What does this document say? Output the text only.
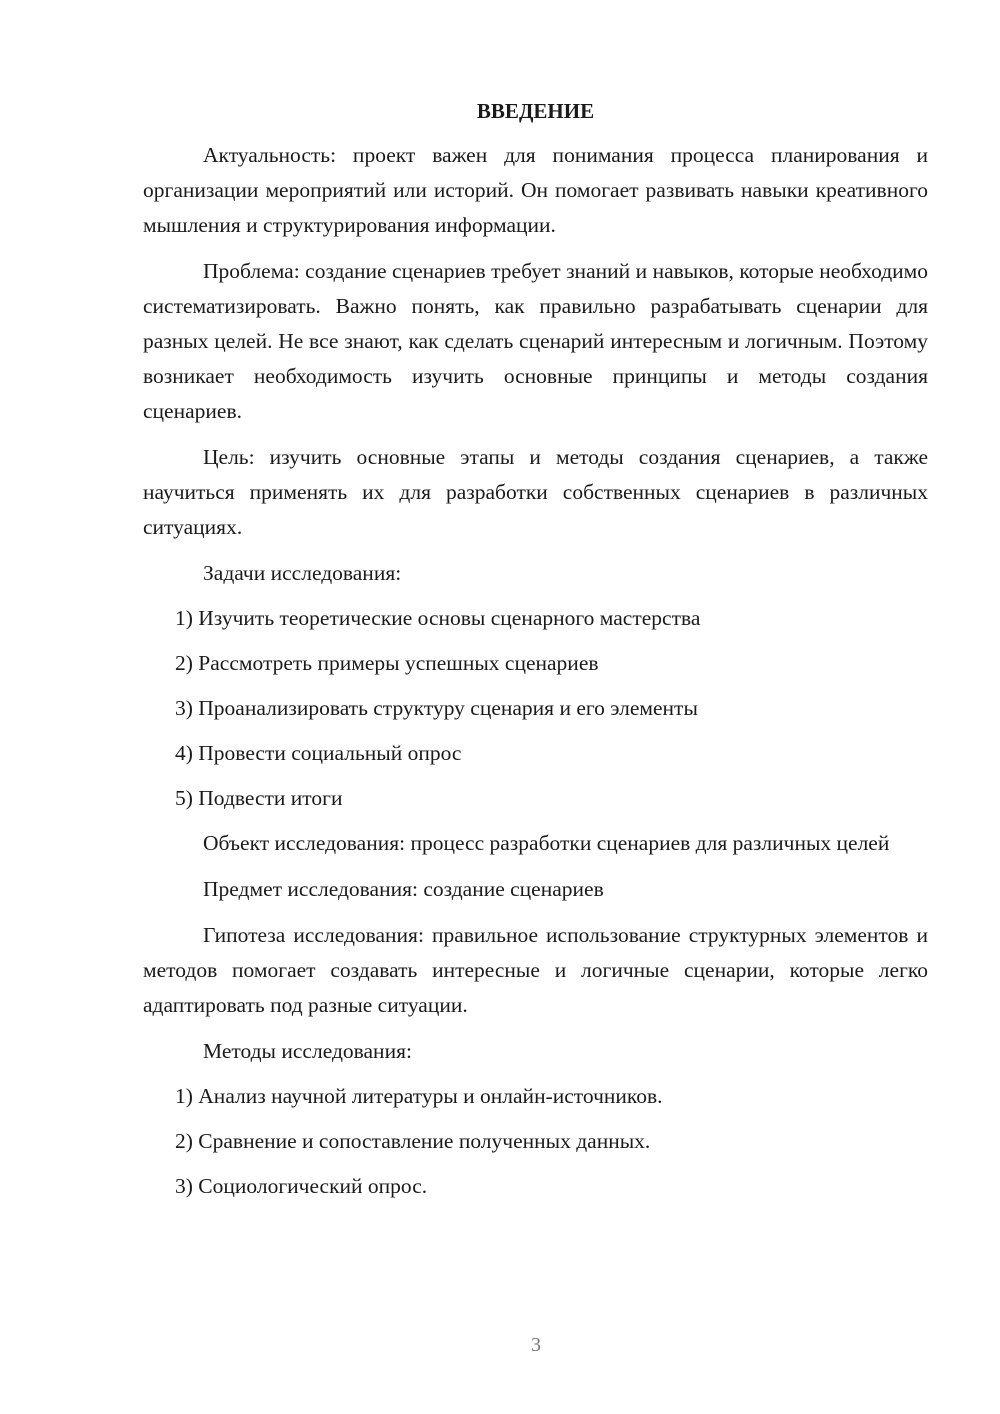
ВВЕДЕНИЕ

Актуальность: проект важен для понимания процесса планирования и организации мероприятий или историй. Он помогает развивать навыки креативного мышления и структурирования информации.

Проблема: создание сценариев требует знаний и навыков, которые необходимо систематизировать. Важно понять, как правильно разрабатывать сценарии для разных целей. Не все знают, как сделать сценарий интересным и логичным. Поэтому возникает необходимость изучить основные принципы и методы создания сценариев.

Цель: изучить основные этапы и методы создания сценариев, а также научиться применять их для разработки собственных сценариев в различных ситуациях.

Задачи исследования:
1) Изучить теоретические основы сценарного мастерства
2) Рассмотреть примеры успешных сценариев
3) Проанализировать структуру сценария и его элементы
4) Провести социальный опрос
5) Подвести итоги

Объект исследования: процесс разработки сценариев для различных целей

Предмет исследования: создание сценариев

Гипотеза исследования: правильное использование структурных элементов и методов помогает создавать интересные и логичные сценарии, которые легко адаптировать под разные ситуации.

Методы исследования:
1) Анализ научной литературы и онлайн-источников.
2) Сравнение и сопоставление полученных данных.
3) Социологический опрос.
3
